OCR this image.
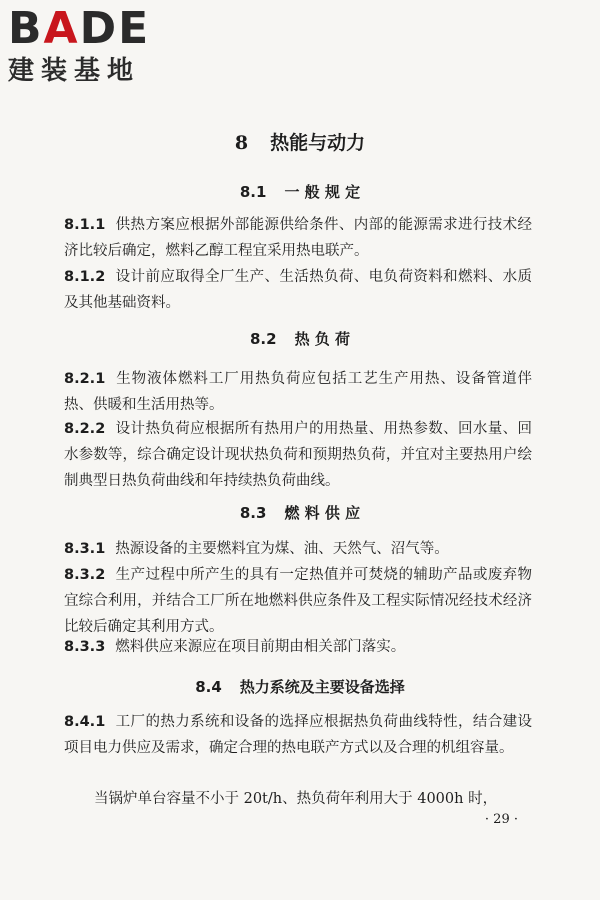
BADE
建装基地
8 热能与动力
8.1 一 般 规 定
8.1.1 供热方案应根据外部能源供给条件、内部的能源需求进行技术经济比较后确定，燃料乙醇工程宜采用热电联产。
8.1.2 设计前应取得全厂生产、生活热负荷、电负荷资料和燃料、水质及其他基础资料。
8.2 热 负 荷
8.2.1 生物液体燃料工厂用热负荷应包括工艺生产用热、设备管道伴热、供暖和生活用热等。
8.2.2 设计热负荷应根据所有热用户的用热量、用热参数、回水量、回水参数等，综合确定设计现状热负荷和预期热负荷，并宜对主要热用户绘制典型日热负荷曲线和年持续热负荷曲线。
8.3 燃 料 供 应
8.3.1 热源设备的主要燃料宜为煤、油、天然气、沼气等。
8.3.2 生产过程中所产生的具有一定热值并可焚烧的辅助产品或废弃物宜综合利用，并结合工厂所在地燃料供应条件及工程实际情况经技术经济比较后确定其利用方式。
8.3.3 燃料供应来源应在项目前期由相关部门落实。
8.4 热力系统及主要设备选择
8.4.1 工厂的热力系统和设备的选择应根据热负荷曲线特性，结合建设项目电力供应及需求，确定合理的热电联产方式以及合理的机组容量。
当锅炉单台容量不小于 20t/h、热负荷年利用大于 4000h 时，
· 29 ·
